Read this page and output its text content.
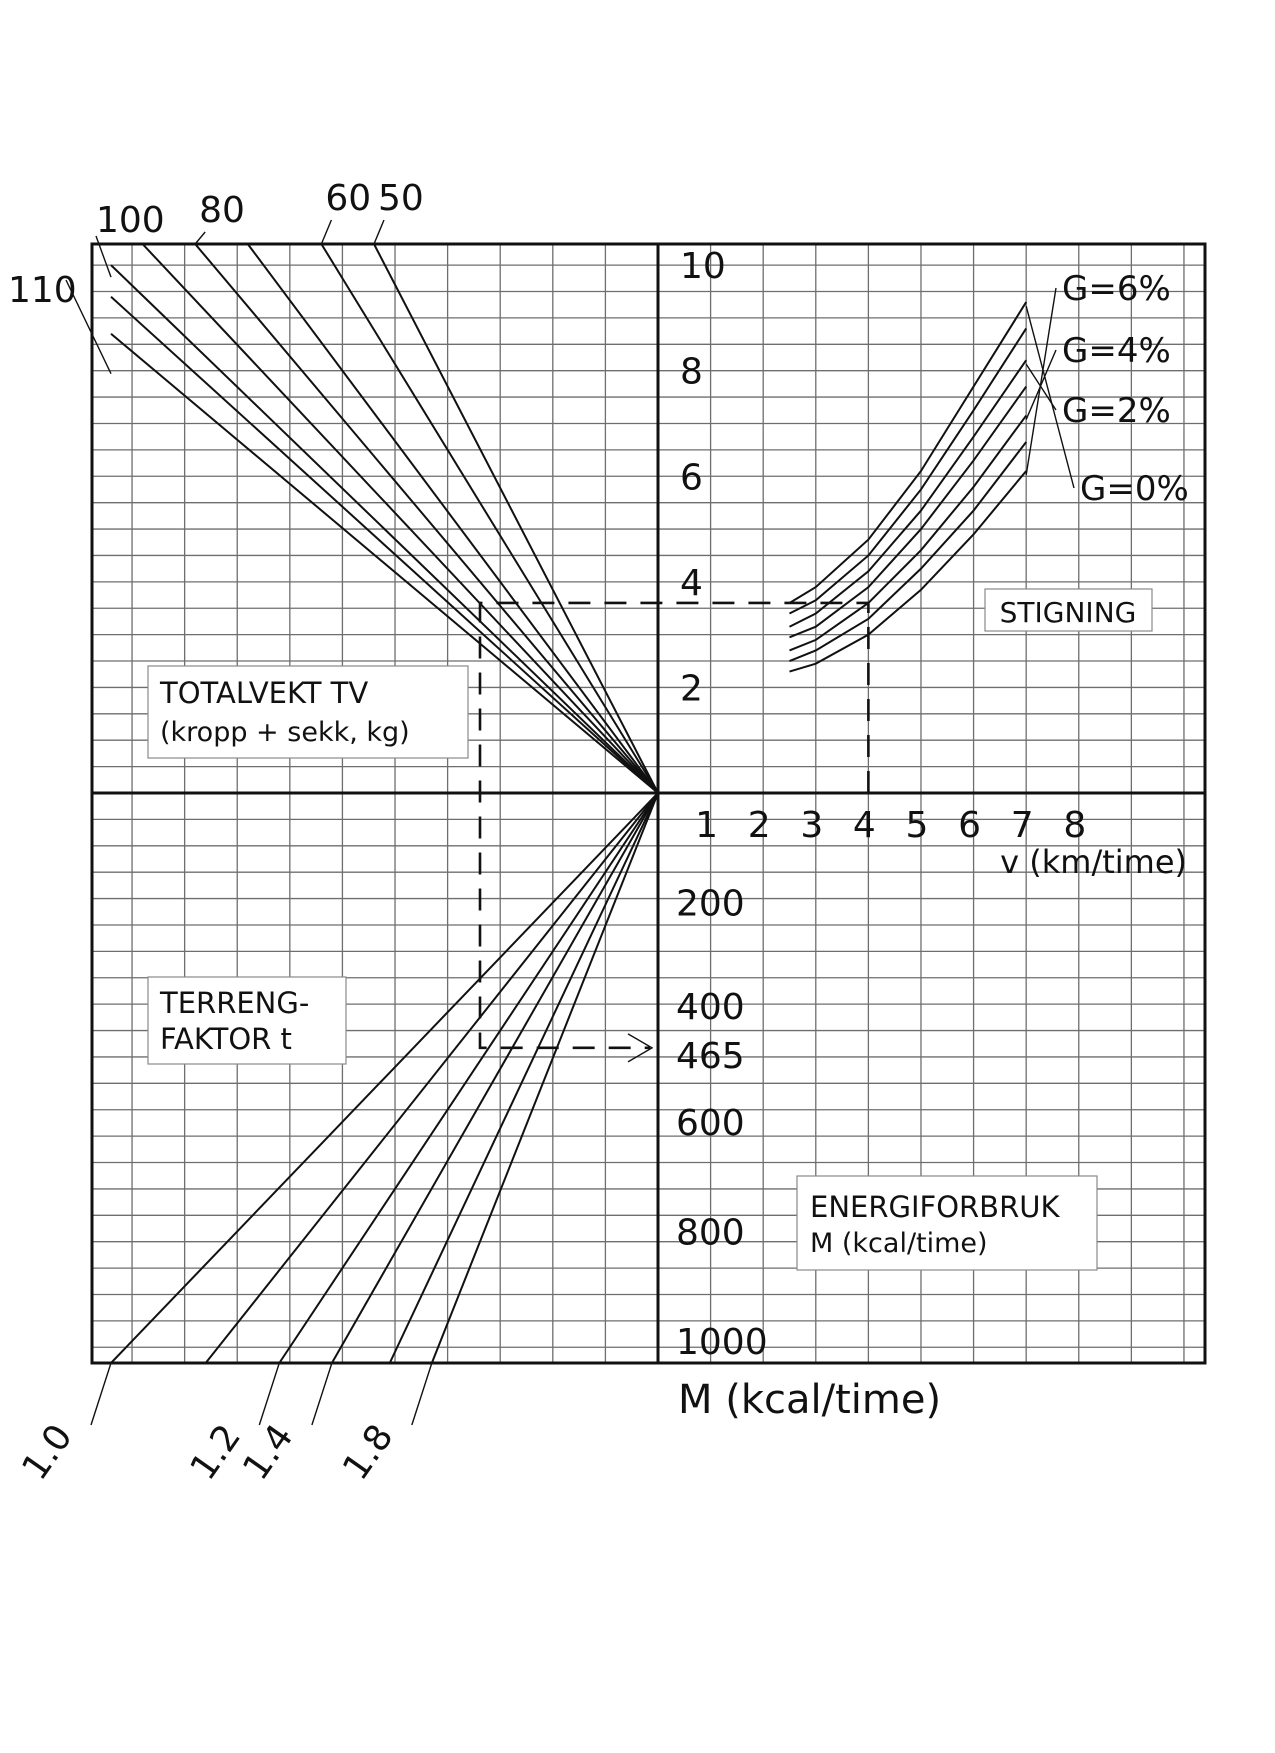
10
8
6
4
2
1 2 3 4 5 6 7 8
v (km/time)
G=6%
G=4%
G=2%
G=0%
STIGNING
50
60
80
100
110
TOTALVEKT TV
(kropp + sekk, kg)
1.0	1.2
1.4 1.8
TERRENG-
FAKTOR t
200
400
465
600
800
1000
ENERGIFORBRUK
M (kcal/time)
M (kcal/time)
